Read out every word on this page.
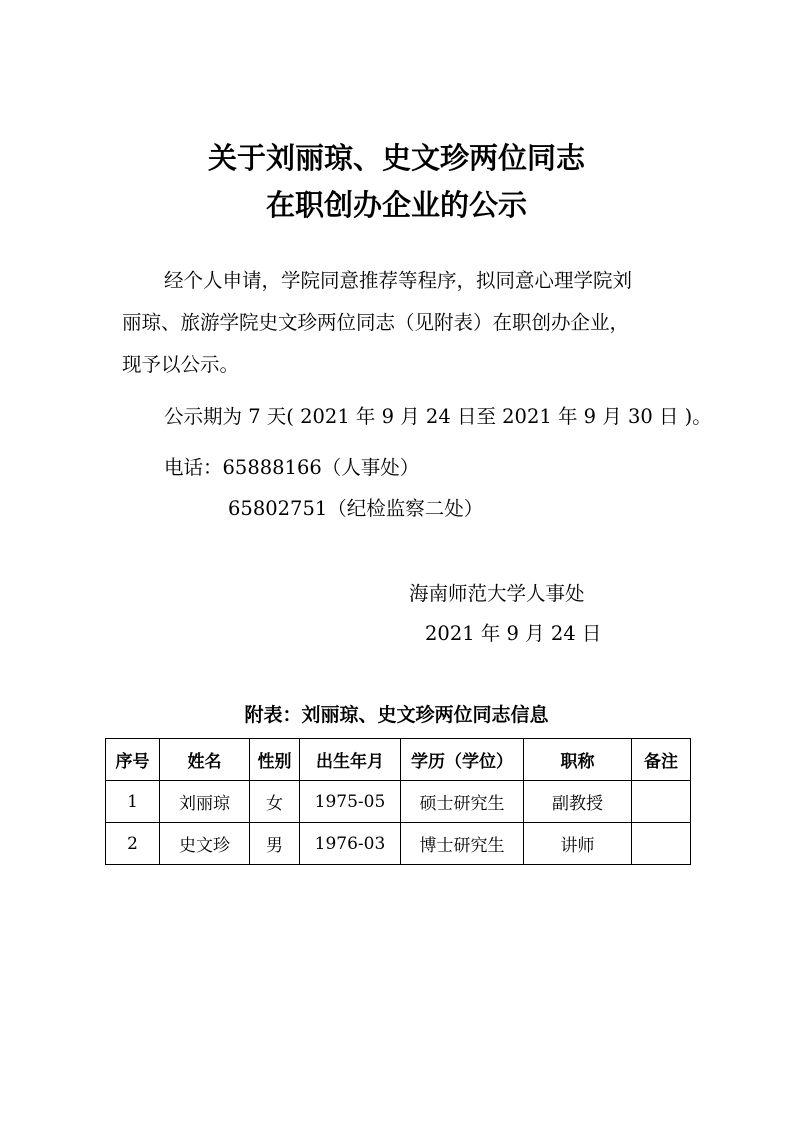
关于刘丽琼、史文珍两位同志
在职创办企业的公示
经个人申请，学院同意推荐等程序，拟同意心理学院刘
丽琼、旅游学院史文珍两位同志（见附表）在职创办企业，
现予以公示。
公示期为 7 天( 2021 年 9 月 24 日至 2021 年 9 月 30 日 )。
电话：65888166（人事处）
65802751（纪检监察二处）
海南师范大学人事处
2021 年 9 月 24 日
附表：刘丽琼、史文珍两位同志信息
序号	姓名	性别	出生年月	学历（学位）	职称	备注
1	刘丽琼	女	1975-05	硕士研究生	副教授	
2	史文珍	男	1976-03	博士研究生	讲师	
